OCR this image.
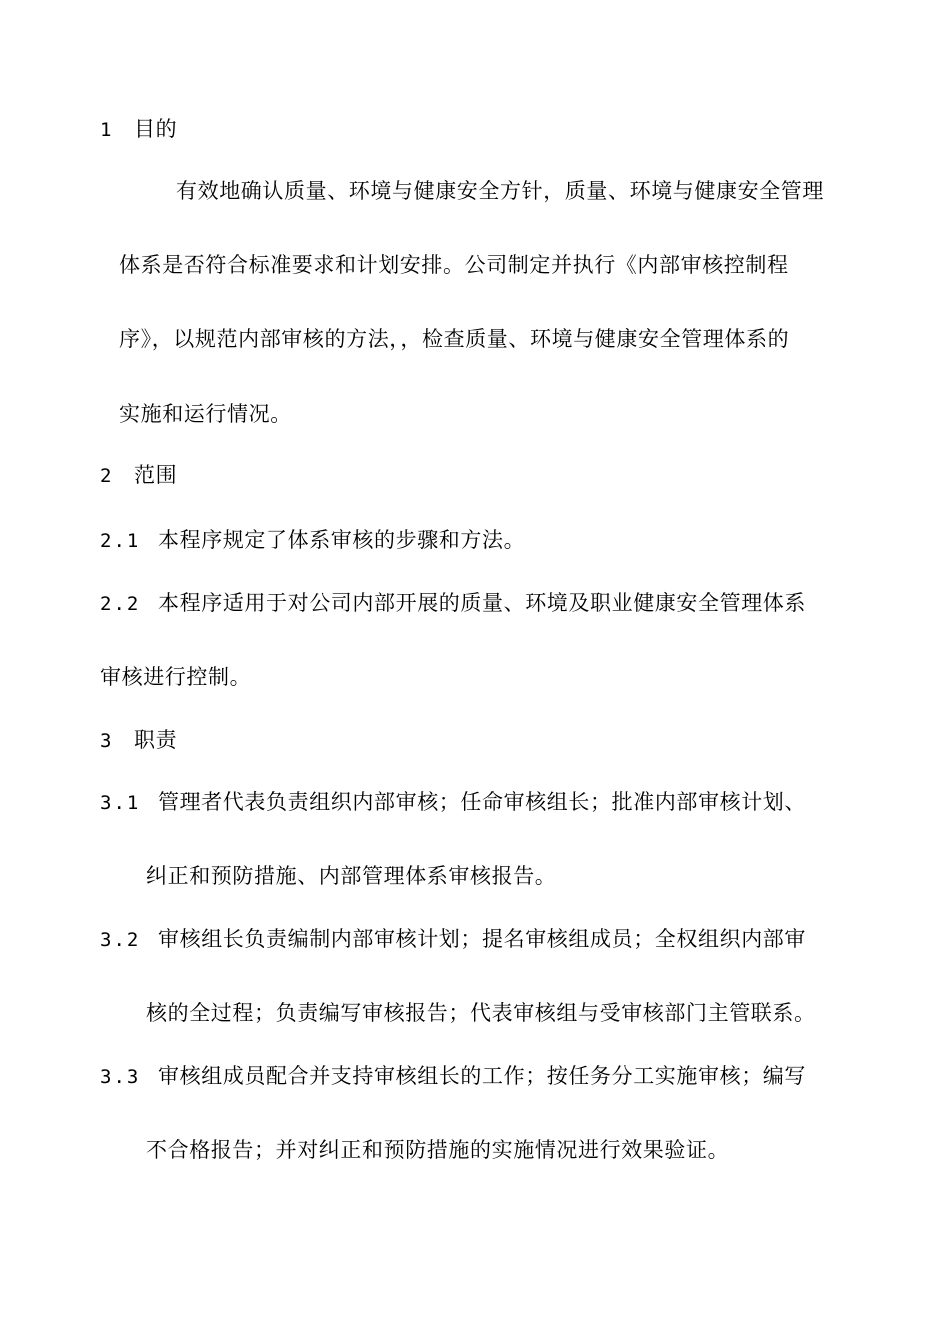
1 目的
有效地确认质量、环境与健康安全方针，质量、环境与健康安全管理
体系是否符合标准要求和计划安排。公司制定并执行《内部审核控制程
序》，以规范内部审核的方法，，检查质量、环境与健康安全管理体系的
实施和运行情况。
2 范围
2.1 本程序规定了体系审核的步骤和方法。
2.2 本程序适用于对公司内部开展的质量、环境及职业健康安全管理体系
审核进行控制。
3 职责
3.1 管理者代表负责组织内部审核；任命审核组长；批准内部审核计划、
纠正和预防措施、内部管理体系审核报告。
3.2 审核组长负责编制内部审核计划；提名审核组成员；全权组织内部审
核的全过程；负责编写审核报告；代表审核组与受审核部门主管联系。
3.3 审核组成员配合并支持审核组长的工作；按任务分工实施审核；编写
不合格报告；并对纠正和预防措施的实施情况进行效果验证。
